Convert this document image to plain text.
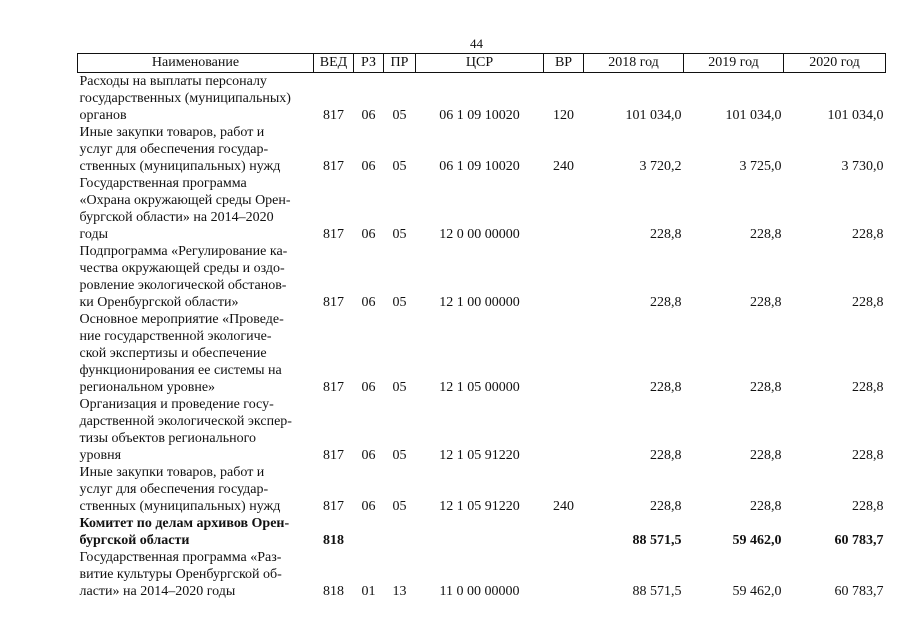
44
Наименование	ВЕД	РЗ	ПР	ЦСР	ВР	2018 год	2019 год	2020 год

Расходы на выплаты персоналу
государственных (муниципальных)
органов	817	06	05	06 1 09 10020	120	101 034,0	101 034,0	101 034,0

Иные закупки товаров, работ и
услуг для обеспечения государ-
ственных (муниципальных) нужд	817	06	05	06 1 09 10020	240	3 720,2	3 725,0	3 730,0

Государственная программа
«Охрана окружающей среды Орен-
бургской области» на 2014–2020
годы	817	06	05	12 0 00 00000		228,8	228,8	228,8

Подпрограмма «Регулирование ка-
чества окружающей среды и оздо-
ровление экологической обстанов-
ки Оренбургской области»	817	06	05	12 1 00 00000		228,8	228,8	228,8

Основное мероприятие «Проведе-
ние государственной экологиче-
ской экспертизы и обеспечение
функционирования ее системы на
региональном уровне»	817	06	05	12 1 05 00000		228,8	228,8	228,8

Организация и проведение госу-
дарственной экологической экспер-
тизы объектов регионального
уровня	817	06	05	12 1 05 91220		228,8	228,8	228,8

Иные закупки товаров, работ и
услуг для обеспечения государ-
ственных (муниципальных) нужд	817	06	05	12 1 05 91220	240	228,8	228,8	228,8

Комитет по делам архивов Орен-
бургской области	818					88 571,5	59 462,0	60 783,7

Государственная программа «Раз-
витие культуры Оренбургской об-
ласти» на 2014–2020 годы	818	01	13	11 0 00 00000		88 571,5	59 462,0	60 783,7
